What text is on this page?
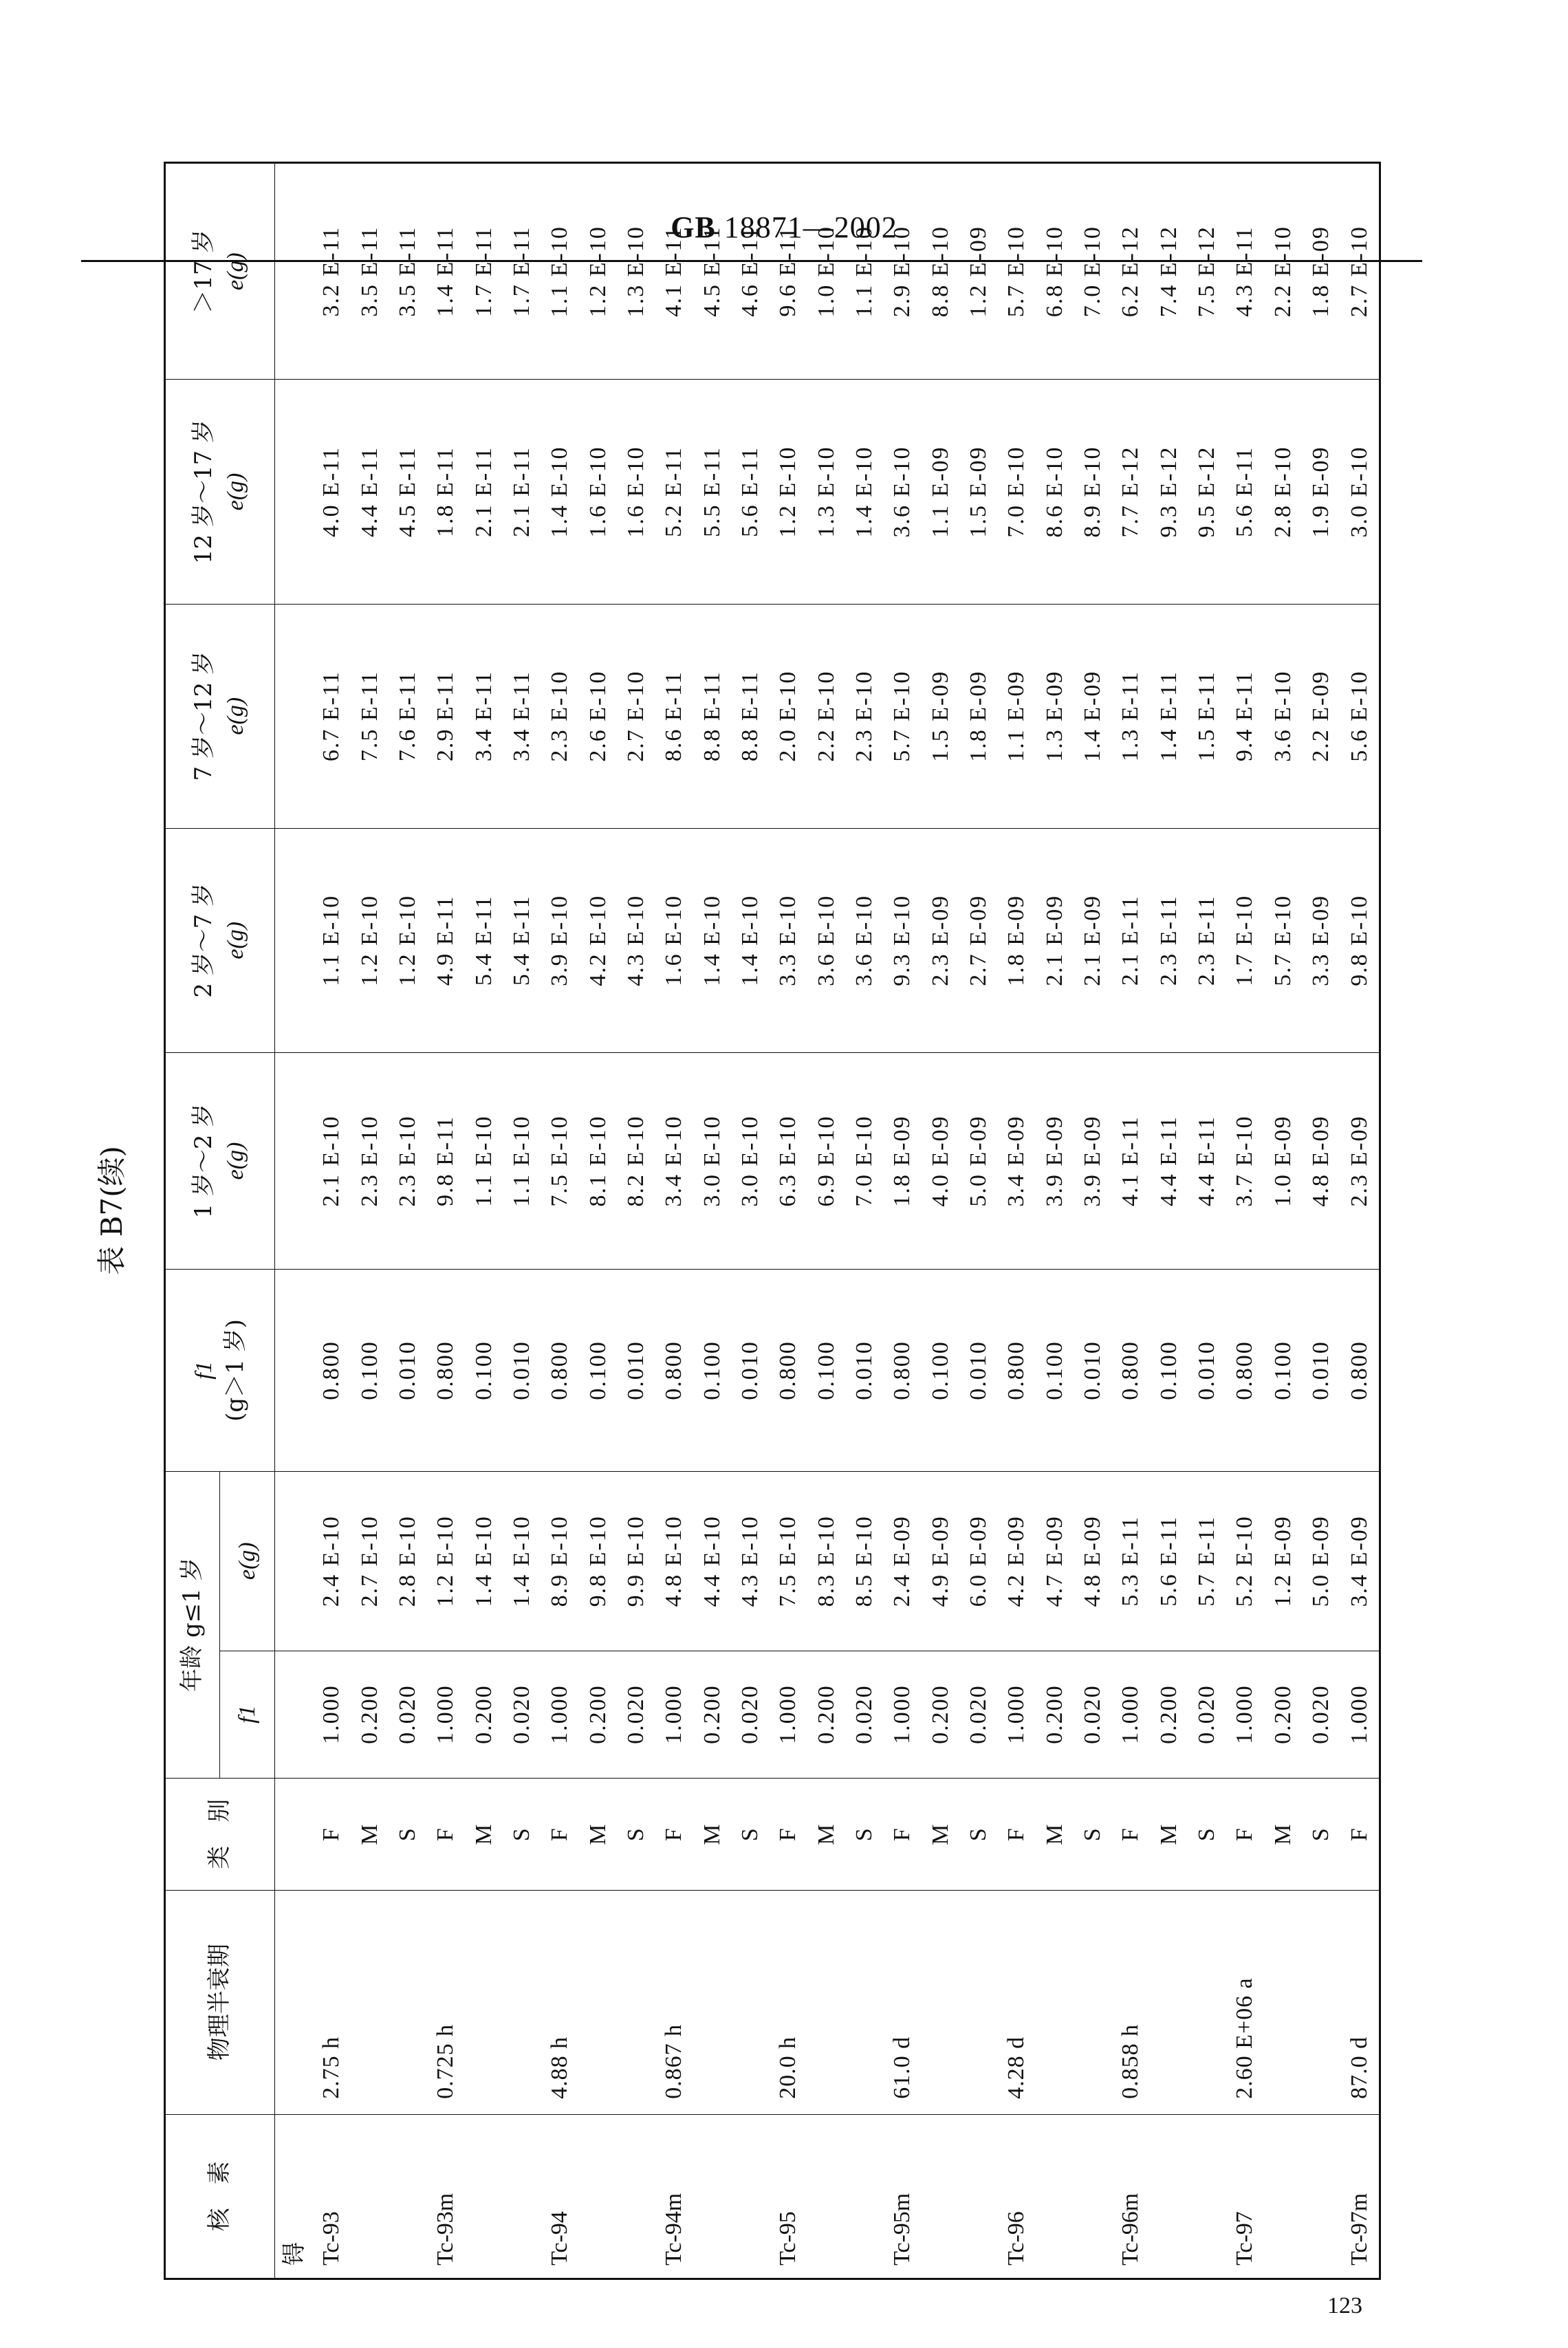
GB 18871—2002
表 B7(续)
核　素	物理半衰期	类　别	年龄 g≤1 岁		f1 (g＞1 岁)	1 岁～2 岁 e(g)	2 岁～7 岁 e(g)	7 岁～12 岁 e(g)	12 岁～17 岁 e(g)	＞17 岁 e(g)
			f1	e(g)						
锝										
Tc-93	2.75 h	F	1.000	2.4 E-10	0.800	2.1 E-10	1.1 E-10	6.7 E-11	4.0 E-11	3.2 E-11
		M	0.200	2.7 E-10	0.100	2.3 E-10	1.2 E-10	7.5 E-11	4.4 E-11	3.5 E-11
		S	0.020	2.8 E-10	0.010	2.3 E-10	1.2 E-10	7.6 E-11	4.5 E-11	3.5 E-11
Tc-93m	0.725 h	F	1.000	1.2 E-10	0.800	9.8 E-11	4.9 E-11	2.9 E-11	1.8 E-11	1.4 E-11
		M	0.200	1.4 E-10	0.100	1.1 E-10	5.4 E-11	3.4 E-11	2.1 E-11	1.7 E-11
		S	0.020	1.4 E-10	0.010	1.1 E-10	5.4 E-11	3.4 E-11	2.1 E-11	1.7 E-11
Tc-94	4.88 h	F	1.000	8.9 E-10	0.800	7.5 E-10	3.9 E-10	2.3 E-10	1.4 E-10	1.1 E-10
		M	0.200	9.8 E-10	0.100	8.1 E-10	4.2 E-10	2.6 E-10	1.6 E-10	1.2 E-10
		S	0.020	9.9 E-10	0.010	8.2 E-10	4.3 E-10	2.7 E-10	1.6 E-10	1.3 E-10
Tc-94m	0.867 h	F	1.000	4.8 E-10	0.800	3.4 E-10	1.6 E-10	8.6 E-11	5.2 E-11	4.1 E-11
		M	0.200	4.4 E-10	0.100	3.0 E-10	1.4 E-10	8.8 E-11	5.5 E-11	4.5 E-11
		S	0.020	4.3 E-10	0.010	3.0 E-10	1.4 E-10	8.8 E-11	5.6 E-11	4.6 E-11
Tc-95	20.0 h	F	1.000	7.5 E-10	0.800	6.3 E-10	3.3 E-10	2.0 E-10	1.2 E-10	9.6 E-11
		M	0.200	8.3 E-10	0.100	6.9 E-10	3.6 E-10	2.2 E-10	1.3 E-10	1.0 E-10
		S	0.020	8.5 E-10	0.010	7.0 E-10	3.6 E-10	2.3 E-10	1.4 E-10	1.1 E-10
Tc-95m	61.0 d	F	1.000	2.4 E-09	0.800	1.8 E-09	9.3 E-10	5.7 E-10	3.6 E-10	2.9 E-10
		M	0.200	4.9 E-09	0.100	4.0 E-09	2.3 E-09	1.5 E-09	1.1 E-09	8.8 E-10
		S	0.020	6.0 E-09	0.010	5.0 E-09	2.7 E-09	1.8 E-09	1.5 E-09	1.2 E-09
Tc-96	4.28 d	F	1.000	4.2 E-09	0.800	3.4 E-09	1.8 E-09	1.1 E-09	7.0 E-10	5.7 E-10
		M	0.200	4.7 E-09	0.100	3.9 E-09	2.1 E-09	1.3 E-09	8.6 E-10	6.8 E-10
		S	0.020	4.8 E-09	0.010	3.9 E-09	2.1 E-09	1.4 E-09	8.9 E-10	7.0 E-10
Tc-96m	0.858 h	F	1.000	5.3 E-11	0.800	4.1 E-11	2.1 E-11	1.3 E-11	7.7 E-12	6.2 E-12
		M	0.200	5.6 E-11	0.100	4.4 E-11	2.3 E-11	1.4 E-11	9.3 E-12	7.4 E-12
		S	0.020	5.7 E-11	0.010	4.4 E-11	2.3 E-11	1.5 E-11	9.5 E-12	7.5 E-12
Tc-97	2.60 E+06 a	F	1.000	5.2 E-10	0.800	3.7 E-10	1.7 E-10	9.4 E-11	5.6 E-11	4.3 E-11
		M	0.200	1.2 E-09	0.100	1.0 E-09	5.7 E-10	3.6 E-10	2.8 E-10	2.2 E-10
		S	0.020	5.0 E-09	0.010	4.8 E-09	3.3 E-09	2.2 E-09	1.9 E-09	1.8 E-09
Tc-97m	87.0 d	F	1.000	3.4 E-09	0.800	2.3 E-09	9.8 E-10	5.6 E-10	3.0 E-10	2.7 E-10
123
